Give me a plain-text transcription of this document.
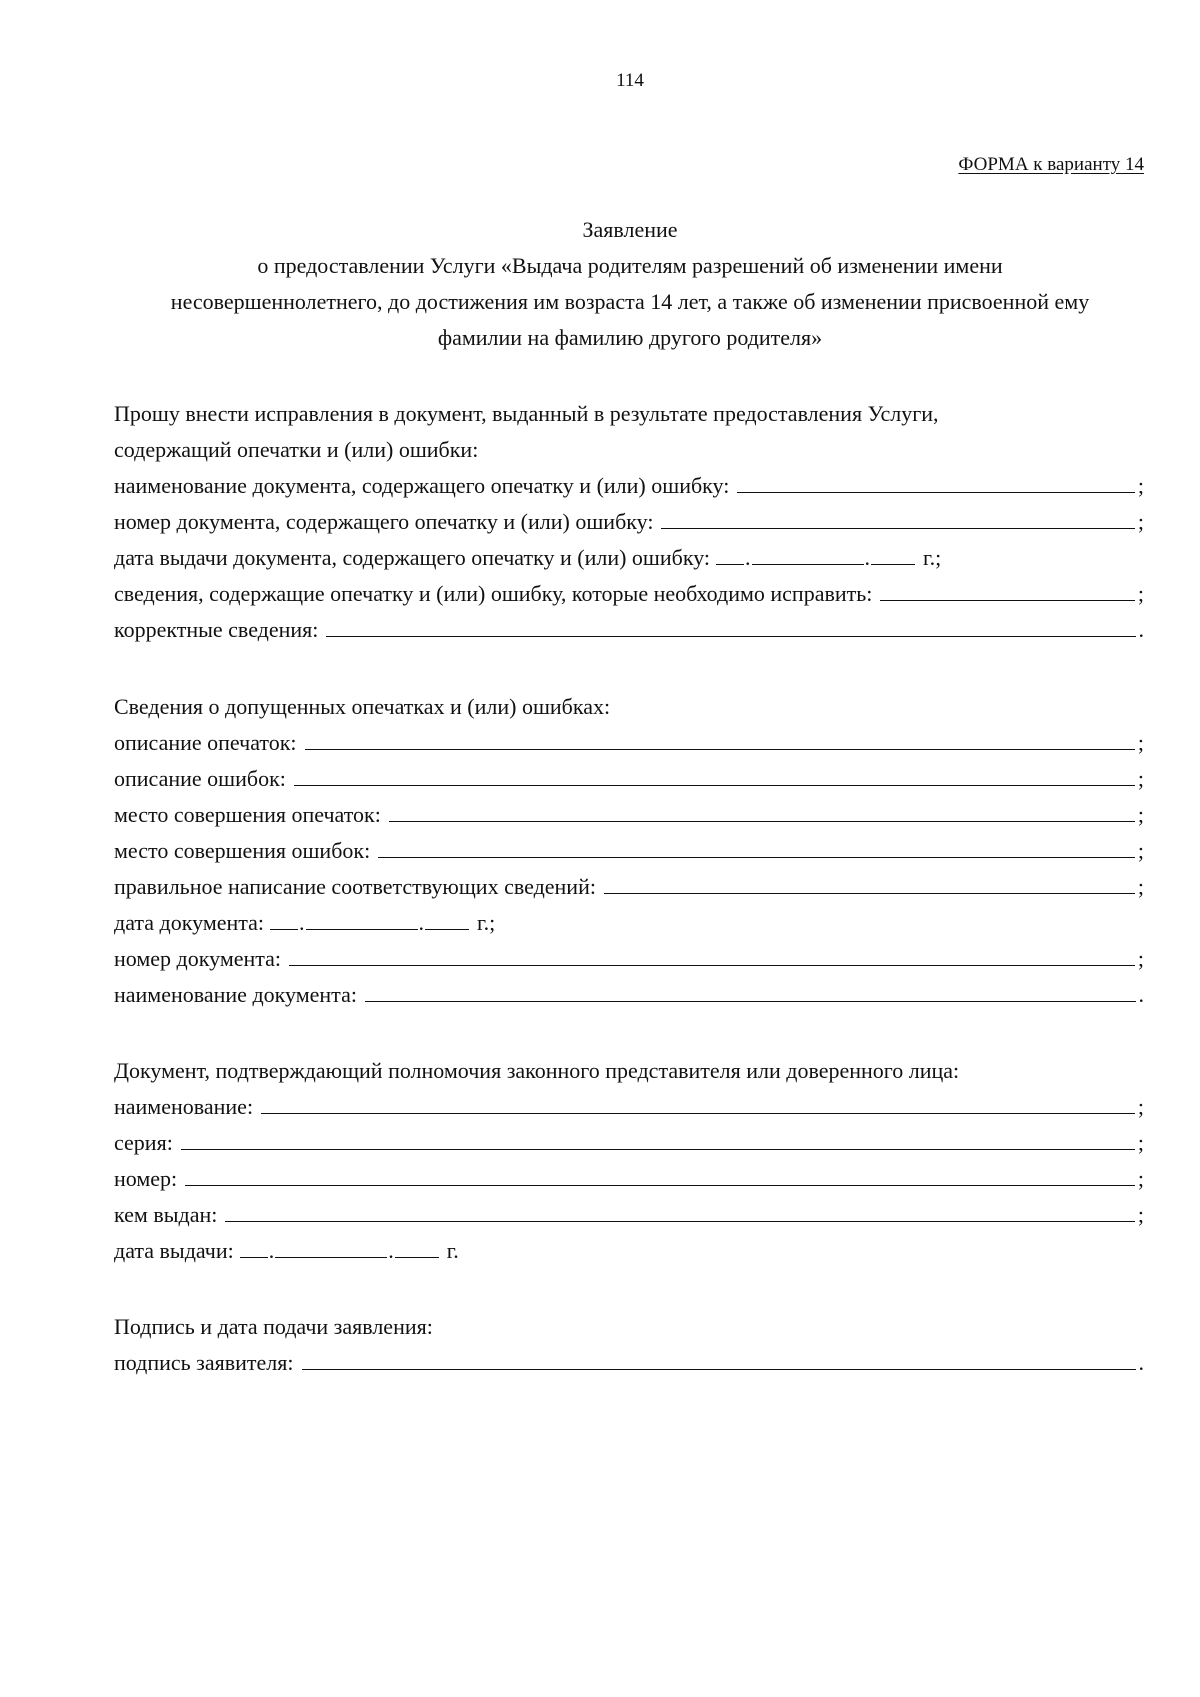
114
ФОРМА к варианту 14
Заявление
о предоставлении Услуги «Выдача родителям разрешений об изменении имени
несовершеннолетнего, до достижения им возраста 14 лет, а также об изменении присвоенной ему
фамилии на фамилию другого родителя»
Прошу внести исправления в документ, выданный в результате предоставления Услуги,
содержащий опечатки и (или) ошибки:
наименование документа, содержащего опечатку и (или) ошибку:	;
номер документа, содержащего опечатку и (или) ошибку:	;
дата выдачи документа, содержащего опечатку и (или) ошибку: .	.	г.;
сведения, содержащие опечатку и (или) ошибку, которые необходимо исправить:	;
корректные сведения:	.
Сведения о допущенных опечатках и (или) ошибках:
описание опечаток:	;
описание ошибок:	;
место совершения опечаток:	;
место совершения ошибок:	;
правильное написание соответствующих сведений:	;
дата документа: .	.	г.;
номер документа:	;
наименование документа:	.
Документ, подтверждающий полномочия законного представителя или доверенного лица:
наименование:	;
серия:	;
номер:	;
кем выдан:	;
дата выдачи: .	.	г.
Подпись и дата подачи заявления:
подпись заявителя:	.
